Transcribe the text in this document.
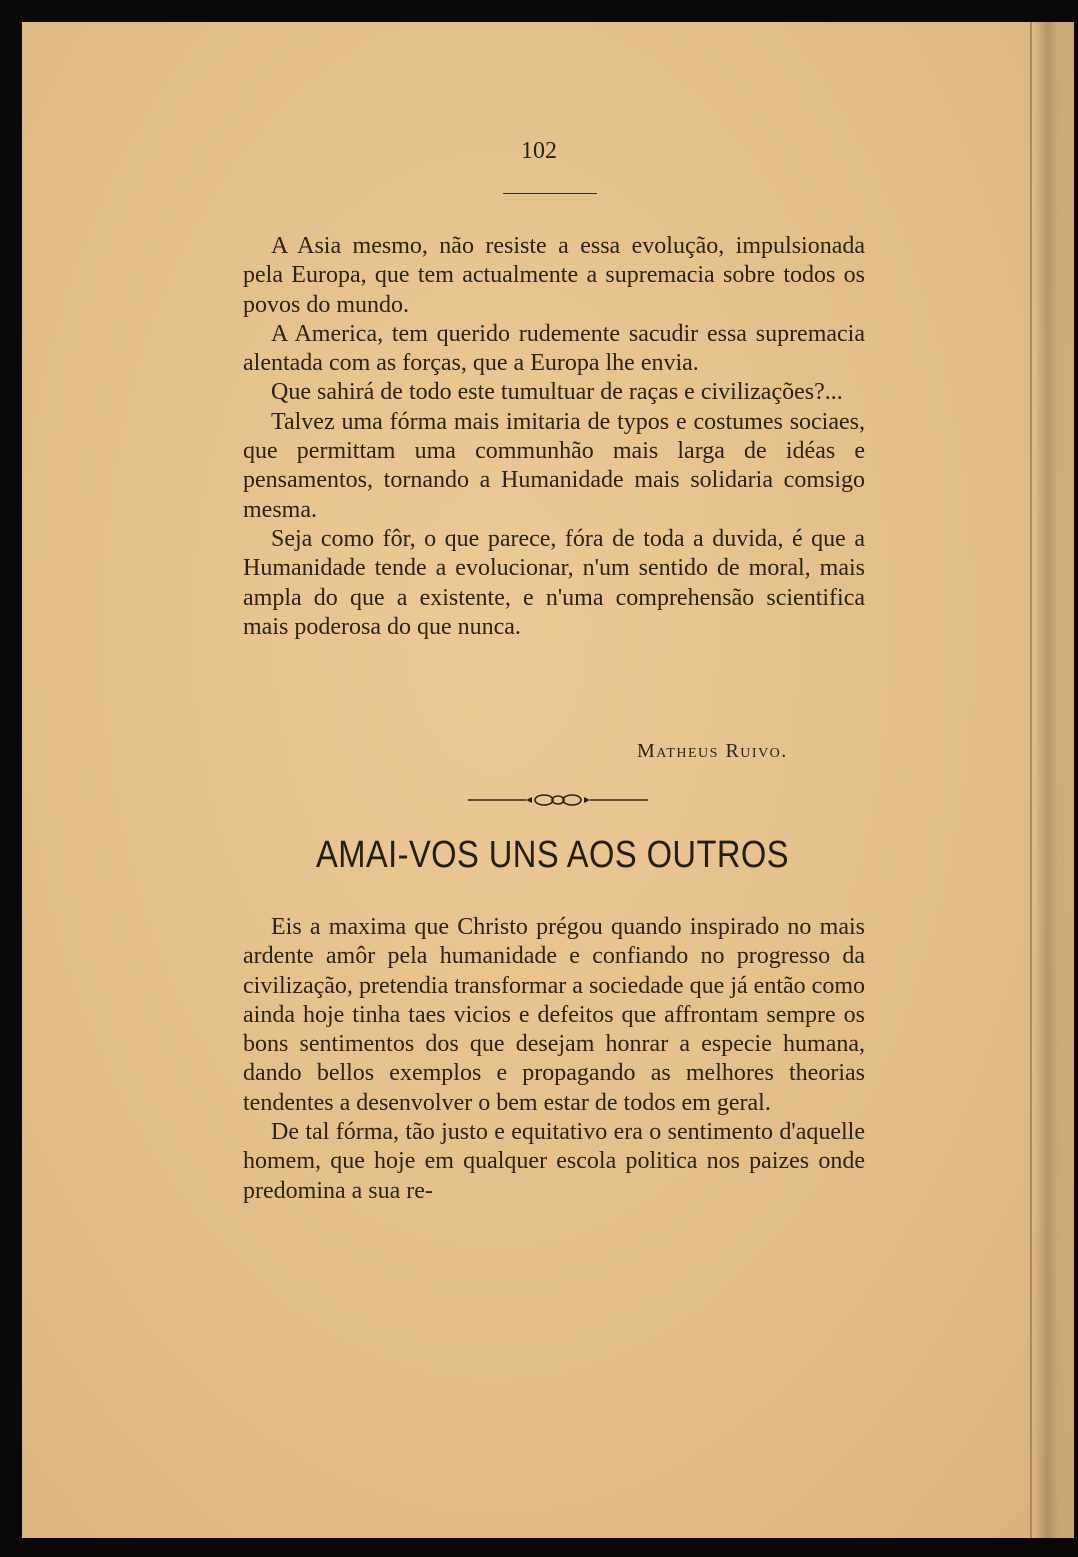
102

A Asia mesmo, não resiste a essa evolução, impulsionada pela Europa, que tem actualmente a supremacia sobre todos os povos do mundo.

A America, tem querido rudemente sacudir essa supremacia alentada com as forças, que a Europa lhe envia.

Que sahirá de todo este tumultuar de raças e civilizações?...

Talvez uma fórma mais imitaria de typos e costumes sociaes, que permittam uma communhão mais larga de idéas e pensamentos, tornando a Humanidade mais solidaria comsigo mesma.

Seja como fôr, o que parece, fóra de toda a duvida, é que a Humanidade tende a evolucionar, n'um sentido de moral, mais ampla do que a existente, e n'uma comprehensão scientifica mais poderosa do que nunca.

Matheus Ruivo.
AMAI-VOS UNS AOS OUTROS

Eis a maxima que Christo prégou quando inspirado no mais ardente amôr pela humanidade e confiando no progresso da civilização, pretendia transformar a sociedade que já então como ainda hoje tinha taes vicios e defeitos que affrontam sempre os bons sentimentos dos que desejam honrar a especie humana, dando bellos exemplos e propagando as melhores theorias tendentes a desenvolver o bem estar de todos em geral.

De tal fórma, tão justo e equitativo era o sentimento d'aquelle homem, que hoje em qualquer escola politica nos paizes onde predomina a sua re-
